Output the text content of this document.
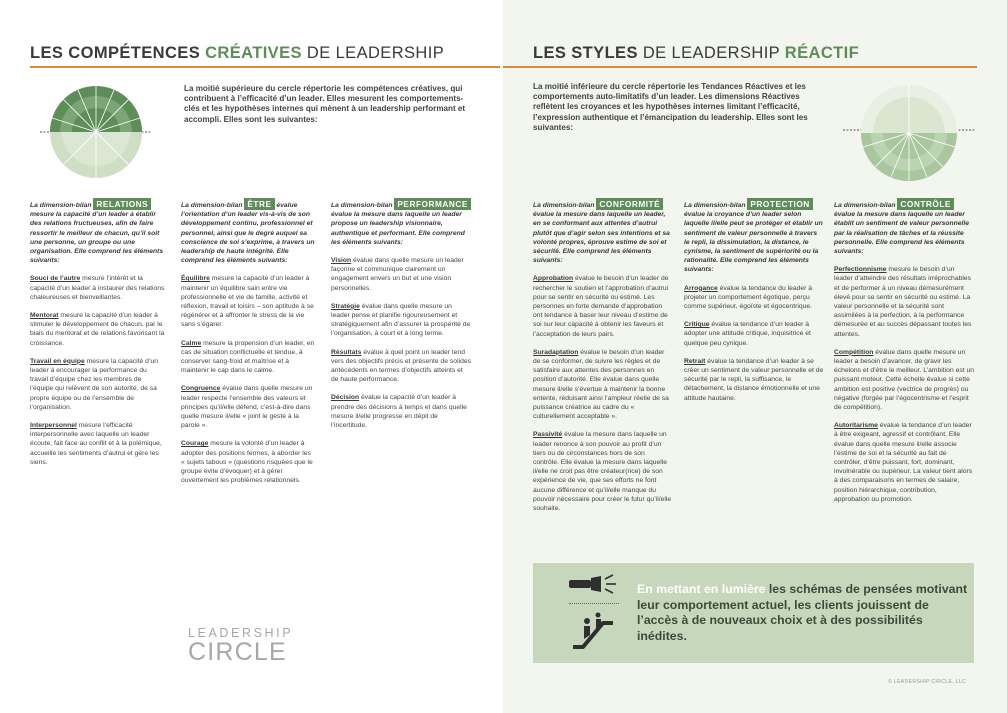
LES COMPÉTENCES CRÉATIVES DE LEADERSHIP
La moitié supérieure du cercle répertorie les compétences créatives, qui contribuent à l’efficacité d’un leader. Elles mesurent les comportements-clés et les hypothèses internes qui mènent à un leadership performant et accompli. Elles sont les suivantes:

La dimension-bilan RELATIONS mesure la capacité d’un leader à établir des relations fructueuses, afin de faire ressortir le meilleur de chacun, qu’il soit une personne, un groupe ou une organisation. Elle comprend les éléments suivants:

Souci de l’autre mesure l’intérêt et la capacité d’un leader à instaurer des relations chaleureuses et bienveillantes.

Mentorat mesure la capacité d’un leader à stimuler le développement de chacun, par le biais du mentorat et de relations favorisant la croissance.

Travail en équipe mesure la capacité d’un leader à encourager la performance du travail d’équipe chez les membres de l’équipe qui relèvent de son autorité, de sa propre équipe ou de l’ensemble de l’organisation.

Interpersonnel mesure l’efficacité interpersonnelle avec laquelle un leader écoute, fait face au conflit et à la polémique, accueille les sentiments d’autrui et gère les siens.

La dimension-bilan ÊTRE évalue l’orientation d’un leader vis-à-vis de son développement continu, professionnel et personnel, ainsi que le degré auquel sa conscience de soi s’exprime, à travers un leadership de haute intégrité. Elle comprend les éléments suivants:

Équilibre mesure la capacité d’un leader à maintenir un équilibre sain entre vie professionnelle et vie de famille, activité et réflexion, travail et loisirs – son aptitude à se régénérer et à affronter le stress de la vie sans s’égarer.

Calme mesure la propension d’un leader, en cas de situation conflictuelle et tendue, à conserver sang-froid et maîtrise et à maintenir le cap dans le calme.

Congruence évalue dans quelle mesure un leader respecte l’ensemble des valeurs et principes qu’il/elle défend, c’est-à-dire dans quelle mesure il/elle « joint le geste à la parole ».

Courage mesure la volonté d’un leader à adopter des positions fermes, à aborder les « sujets tabous » (questions risquées que le groupe évite d’évoquer) et à gérer ouvertement les problèmes relationnels.

La dimension-bilan PERFORMANCE évalue la mesure dans laquelle un leader propose un leadership visionnaire, authentique et performant. Elle comprend les éléments suivants:

Vision évalue dans quelle mesure un leader façonne et communique clairement un engagement envers un but et une vision personnelles.

Stratégie évalue dans quelle mesure un leader pense et planifie rigoureusement et stratégiquement afin d’assurer la prospérité de l’organisation, à court et à long terme.

Résultats évalue à quel point un leader tend vers des objectifs précis et présente de solides antécédents en termes d’objectifs atteints et de haute performance.

Décision évalue la capacité d’un leader à prendre des décisions à temps et dans quelle mesure il/elle progresse en dépit de l’incertitude.

LEADERSHIP
CIRCLE
LES STYLES DE LEADERSHIP RÉACTIF
La moitié inférieure du cercle répertorie les Tendances Réactives et les comportements auto-limitatifs d’un leader. Les dimensions Réactives reflètent les croyances et les hypothèses internes limitant l’efficacité, l’expression authentique et l’émancipation du leadership. Elles sont les suivantes:

La dimension-bilan CONFORMITÉ évalue la mesure dans laquelle un leader, en se conformant aux attentes d’autrui plutôt que d’agir selon ses intentions et sa volonté propres, éprouve estime de soi et sécurité. Elle comprend les éléments suivants:

Approbation évalue le besoin d’un leader de rechercher le soutien et l’approbation d’autrui pour se sentir en sécurité ou estimé. Les personnes en forte demande d’approbation ont tendance à baser leur niveau d’estime de soi sur leur capacité à obtenir les faveurs et l’acceptation de leurs pairs.

Suradaptation évalue le besoin d’un leader de se conformer, de suivre les règles et de satisfaire aux attentes des personnes en position d’autorité. Elle évalue dans quelle mesure il/elle s’évertue à maintenir la bonne entente, réduisant ainsi l’ampleur réelle de sa puissance créatrice au cadre du « culturellement acceptable ».

Passivité évalue la mesure dans laquelle un leader renonce à son pouvoir au profit d’un tiers ou de circonstances hors de son contrôle. Elle évalue la mesure dans laquelle il/elle ne croit pas être créateur(rice) de son expérience de vie, que ses efforts ne font aucune différence et qu’il/elle manque du pouvoir nécessaire pour créer le futur qu’il/elle souhaite.

La dimension-bilan PROTECTION évalue la croyance d’un leader selon laquelle il/elle peut se protéger et établir un sentiment de valeur personnelle à travers le repli, la dissimulation, la distance, le cynisme, la sentiment de supériorité ou la rationalité. Elle comprend les éléments suivants:

Arrogance évalue la tendance du leader à projeter un comportement égotique, perçu comme supérieur, égoïste et égocentrique.

Critique évalue la tendance d’un leader à adopter une attitude critique, inquisitrice et quelque peu cynique.

Retrait évalue la tendance d’un leader à se créer un sentiment de valeur personnelle et de sécurité par le repli, la suffisance, le détachement, la distance émotionnelle et une attitude hautaine.

La dimension-bilan CONTRÔLE évalue la mesure dans laquelle un leader établit un sentiment de valeur personnelle par la réalisation de tâches et la réussite personnelle. Elle comprend les éléments suivants:

Perfectionnisme mesure le besoin d’un leader d’atteindre des résultats irréprochables et de performer à un niveau démesurément élevé pour se sentir en sécurité ou estimé. La valeur personnelle et la sécurité sont assimilées à la perfection, à la performance démesurée et au succès dépassant toutes les attentes.

Compétition évalue dans quelle mesure un leader a besoin d’avancer, de gravir les échelons et d’être le meilleur. L’ambition est un puissant moteur. Cette échelle évalue si cette ambition est positive (vectrice de progrès) ou négative (forgée par l’égocentrisme et l’esprit de compétition).

Autoritarisme évalue la tendance d’un leader à être exigeant, agressif et contrôlant. Elle évalue dans quelle mesure il/elle associe l’estime de soi et la sécurité au fait de contrôler, d’être puissant, fort, dominant, invulnérable ou supérieur. La valeur tient alors à des comparaisons en termes de salaire, position hiérarchique, contribution, approbation ou promotion.

© LEADERSHIP CIRCLE, LLC
En mettant en lumière les schémas de pensées motivant leur comportement actuel, les clients jouissent de l’accès à de nouveaux choix et à des possibilités inédites.
